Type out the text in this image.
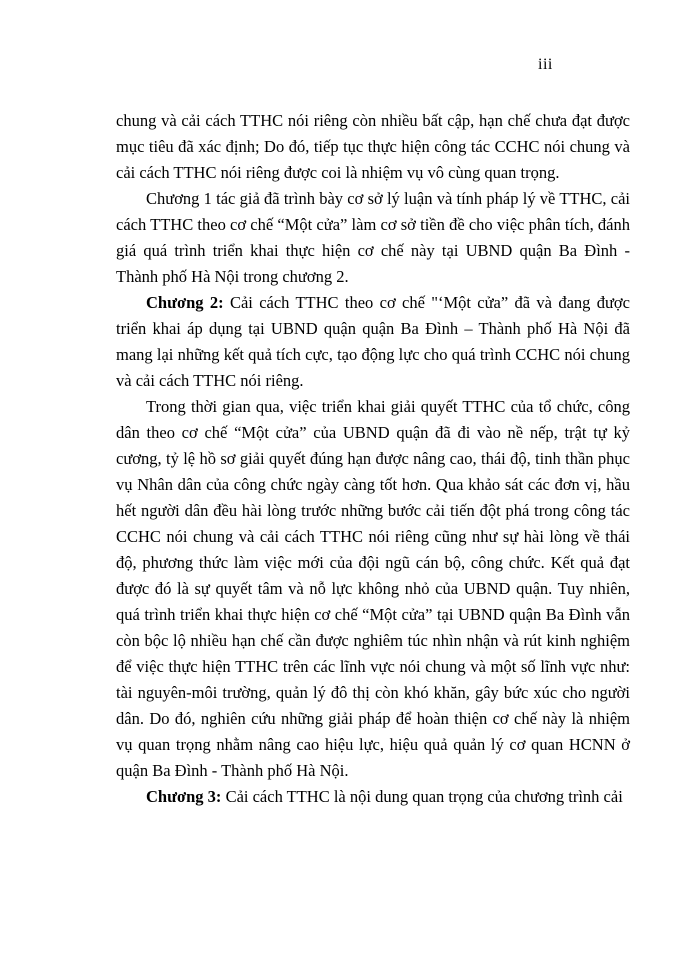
iii

chung và cải cách TTHC nói riêng còn nhiều bất cập, hạn chế chưa đạt được mục tiêu đã xác định; Do đó, tiếp tục thực hiện công tác CCHC nói chung và cải cách TTHC nói riêng được coi là nhiệm vụ vô cùng quan trọng.

Chương 1 tác giả đã trình bày cơ sở lý luận và tính pháp lý về TTHC, cải cách TTHC theo cơ chế “Một cửa” làm cơ sở tiền đề cho việc phân tích, đánh giá quá trình triển khai thực hiện cơ chế này tại UBND quận Ba Đình - Thành phố Hà Nội trong chương 2.

Chương 2: Cải cách TTHC theo cơ chế "‘Một cửa” đã và đang được triển khai áp dụng tại UBND quận quận Ba Đình – Thành phố Hà Nội đã mang lại những kết quả tích cực, tạo động lực cho quá trình CCHC nói chung và cải cách TTHC nói riêng.

Trong thời gian qua, việc triển khai giải quyết TTHC của tổ chức, công dân theo cơ chế “Một cửa” của UBND quận đã đi vào nề nếp, trật tự kỷ cương, tỷ lệ hồ sơ giải quyết đúng hạn được nâng cao, thái độ, tinh thần phục vụ Nhân dân của công chức ngày càng tốt hơn. Qua khảo sát các đơn vị, hầu hết người dân đều hài lòng trước những bước cải tiến đột phá trong công tác CCHC nói chung và cải cách TTHC nói riêng cũng như sự hài lòng về thái độ, phương thức làm việc mới của đội ngũ cán bộ, công chức. Kết quả đạt được đó là sự quyết tâm và nỗ lực không nhỏ của UBND quận. Tuy nhiên, quá trình triển khai thực hiện cơ chế “Một cửa” tại UBND quận Ba Đình vẫn còn bộc lộ nhiều hạn chế cần được nghiêm túc nhìn nhận và rút kinh nghiệm để việc thực hiện TTHC trên các lĩnh vực nói chung và một số lĩnh vực như: tài nguyên-môi trường, quản lý đô thị còn khó khăn, gây bức xúc cho người dân. Do đó, nghiên cứu những giải pháp để hoàn thiện cơ chế này là nhiệm vụ quan trọng nhằm nâng cao hiệu lực, hiệu quả quản lý cơ quan HCNN ở quận Ba Đình - Thành phố Hà Nội.

Chương 3: Cải cách TTHC là nội dung quan trọng của chương trình cải
